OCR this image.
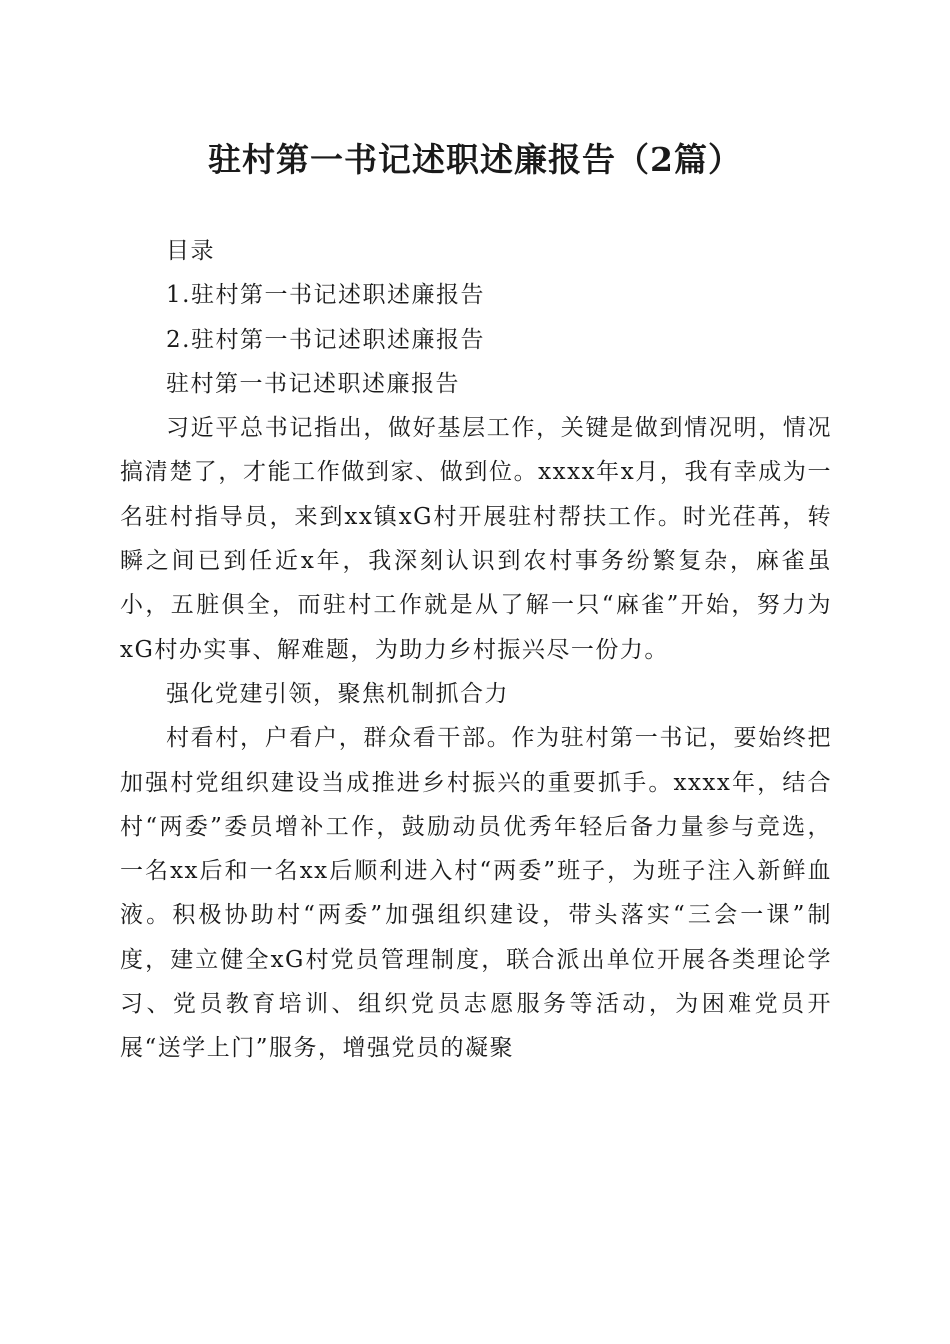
驻村第一书记述职述廉报告（2篇）

目录

1.驻村第一书记述职述廉报告

2.驻村第一书记述职述廉报告

驻村第一书记述职述廉报告

习近平总书记指出，做好基层工作，关键是做到情况明，情况搞清楚了，才能工作做到家、做到位。xxxx年x月，我有幸成为一名驻村指导员，来到xx镇xG村开展驻村帮扶工作。时光荏苒，转瞬之间已到任近x年，我深刻认识到农村事务纷繁复杂，麻雀虽小，五脏俱全，而驻村工作就是从了解一只“麻雀”开始，努力为xG村办实事、解难题，为助力乡村振兴尽一份力。

强化党建引领，聚焦机制抓合力

村看村，户看户，群众看干部。作为驻村第一书记，要始终把加强村党组织建设当成推进乡村振兴的重要抓手。xxxx年，结合村“两委”委员增补工作，鼓励动员优秀年轻后备力量参与竞选，一名xx后和一名xx后顺利进入村“两委”班子，为班子注入新鲜血液。积极协助村“两委”加强组织建设，带头落实“三会一课”制度，建立健全xG村党员管理制度，联合派出单位开展各类理论学习、党员教育培训、组织党员志愿服务等活动，为困难党员开展“送学上门”服务，增强党员的凝聚
